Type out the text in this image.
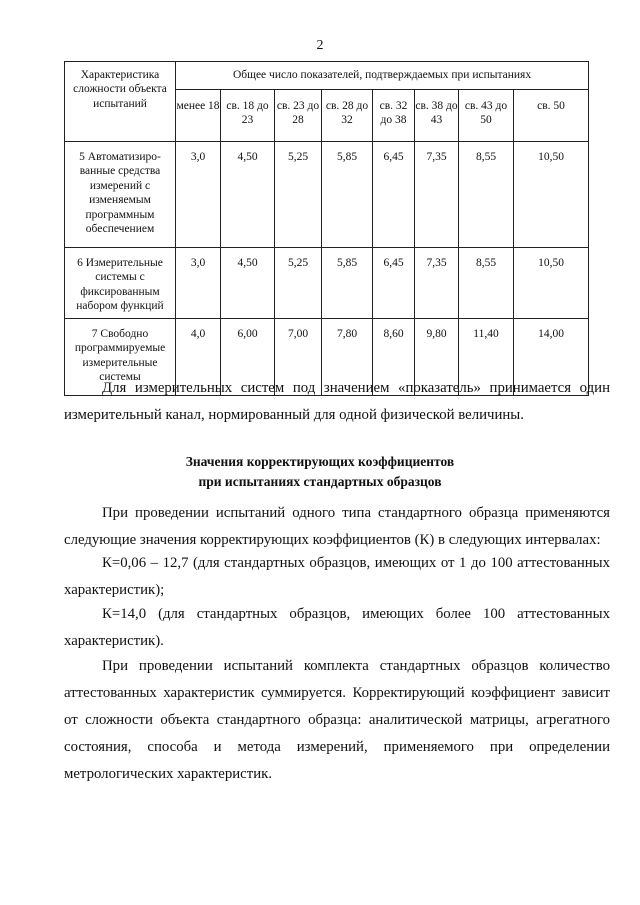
2
Характеристика сложности объекта испытаний	Общее число показателей, подтверждаемых при испытаниях							
	менее 18	св. 18 до 23	св. 23 до 28	св. 28 до 32	св. 32 до 38	св. 38 до 43	св. 43 до 50	св. 50
5 Автоматизиро- ванные средства измерений с изменяемым программным обеспечением	3,0	4,50	5,25	5,85	6,45	7,35	8,55	10,50
6 Измерительные системы с фиксированным набором функций	3,0	4,50	5,25	5,85	6,45	7,35	8,55	10,50
7 Свободно программируемые измерительные системы	4,0	6,00	7,00	7,80	8,60	9,80	11,40	14,00
Для измерительных систем под значением «показатель» принимается один
измерительный канал, нормированный для одной физической величины.
Значения корректирующих коэффициентов
при испытаниях стандартных образцов
При проведении испытаний одного типа стандартного образца применяются
следующие значения корректирующих коэффициентов (К) в следующих интервалах:
К=0,06 – 12,7 (для стандартных образцов, имеющих от 1 до 100 аттестованных
характеристик);
К=14,0 (для стандартных образцов, имеющих более 100 аттестованных
характеристик).
При проведении испытаний комплекта стандартных образцов количество
аттестованных характеристик суммируется. Корректирующий коэффициент зависит
от сложности объекта стандартного образца: аналитической матрицы, агрегатного
состояния, способа и метода измерений, применяемого при определении
метрологических характеристик.
